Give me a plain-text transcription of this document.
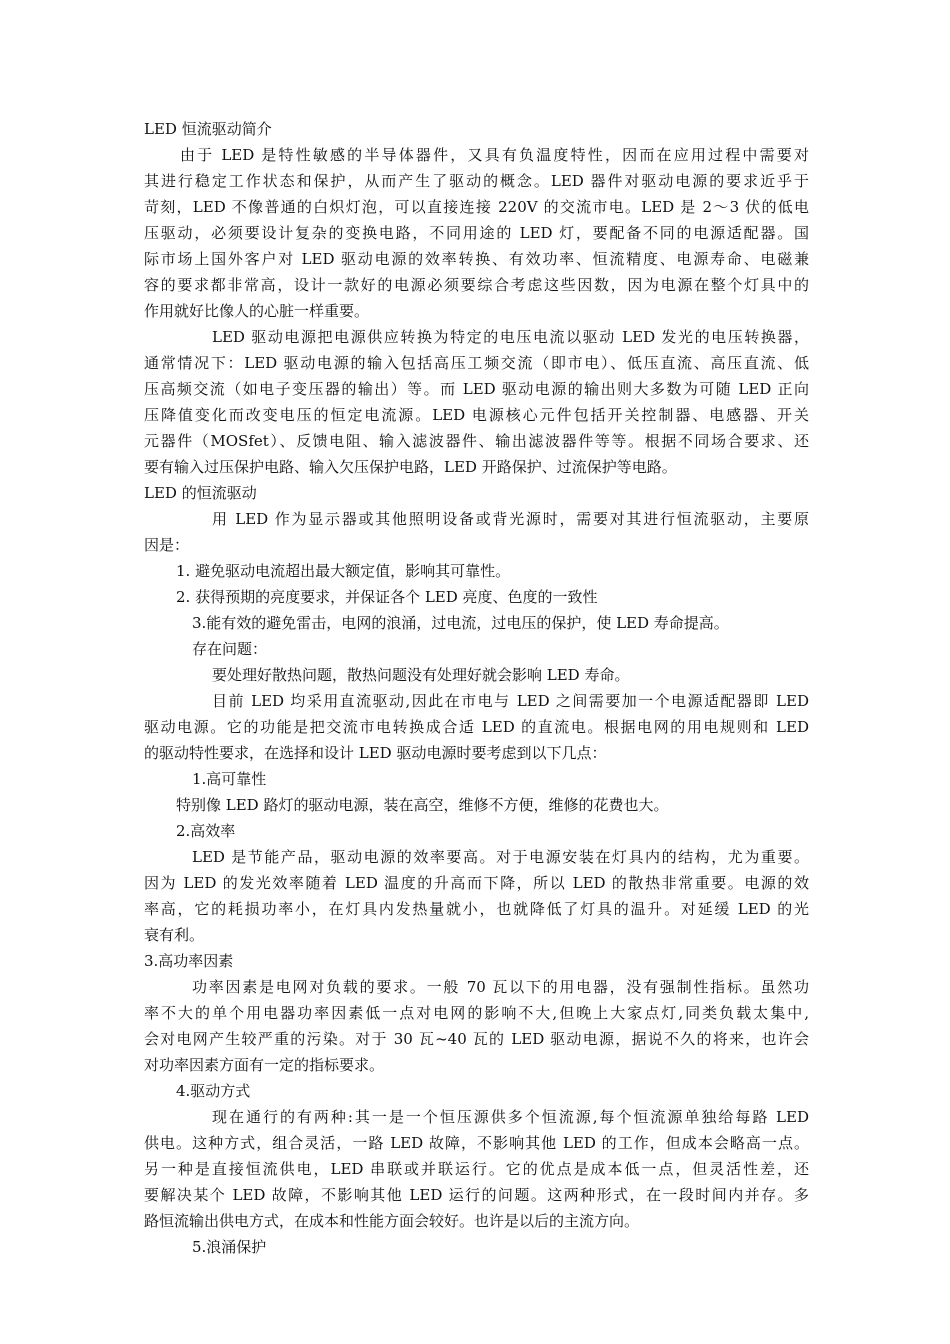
LED 恒流驱动简介
由于 LED 是特性敏感的半导体器件，又具有负温度特性，因而在应用过程中需要对
其进行稳定工作状态和保护，从而产生了驱动的概念。LED 器件对驱动电源的要求近乎于
苛刻，LED 不像普通的白炽灯泡，可以直接连接 220V 的交流市电。LED 是 2～3 伏的低电
压驱动，必须要设计复杂的变换电路，不同用途的 LED 灯，要配备不同的电源适配器。国
际市场上国外客户对 LED 驱动电源的效率转换、有效功率、恒流精度、电源寿命、电磁兼
容的要求都非常高，设计一款好的电源必须要综合考虑这些因数，因为电源在整个灯具中的
作用就好比像人的心脏一样重要。
LED 驱动电源把电源供应转换为特定的电压电流以驱动 LED 发光的电压转换器，
通常情况下：LED 驱动电源的输入包括高压工频交流（即市电）、低压直流、高压直流、低
压高频交流（如电子变压器的输出）等。而 LED 驱动电源的输出则大多数为可随 LED 正向
压降值变化而改变电压的恒定电流源。LED 电源核心元件包括开关控制器、电感器、开关
元器件（MOSfet）、反馈电阻、输入滤波器件、输出滤波器件等等。根据不同场合要求、还
要有输入过压保护电路、输入欠压保护电路，LED 开路保护、过流保护等电路。
LED 的恒流驱动
用 LED 作为显示器或其他照明设备或背光源时，需要对其进行恒流驱动，主要原
因是：
1. 避免驱动电流超出最大额定值，影响其可靠性。
2. 获得预期的亮度要求，并保证各个 LED 亮度、色度的一致性
3.能有效的避免雷击，电网的浪涌，过电流，过电压的保护，使 LED 寿命提高。
存在问题：
要处理好散热问题，散热问题没有处理好就会影响 LED 寿命。
目前 LED 均采用直流驱动,因此在市电与 LED 之间需要加一个电源适配器即 LED
驱动电源。它的功能是把交流市电转换成合适 LED 的直流电。根据电网的用电规则和 LED
的驱动特性要求，在选择和设计 LED 驱动电源时要考虑到以下几点：
1.高可靠性
特别像 LED 路灯的驱动电源，装在高空，维修不方便，维修的花费也大。
2.高效率
LED 是节能产品，驱动电源的效率要高。对于电源安装在灯具内的结构，尤为重要。
因为 LED 的发光效率随着 LED 温度的升高而下降，所以 LED 的散热非常重要。电源的效
率高，它的耗损功率小，在灯具内发热量就小，也就降低了灯具的温升。对延缓 LED 的光
衰有利。
3.高功率因素
功率因素是电网对负载的要求。一般 70 瓦以下的用电器，没有强制性指标。虽然功
率不大的单个用电器功率因素低一点对电网的影响不大,但晚上大家点灯,同类负载太集中,
会对电网产生较严重的污染。对于 30 瓦~40 瓦的 LED 驱动电源，据说不久的将来，也许会
对功率因素方面有一定的指标要求。
4.驱动方式
现在通行的有两种:其一是一个恒压源供多个恒流源,每个恒流源单独给每路 LED
供电。这种方式，组合灵活，一路 LED 故障，不影响其他 LED 的工作，但成本会略高一点。
另一种是直接恒流供电，LED 串联或并联运行。它的优点是成本低一点，但灵活性差，还
要解决某个 LED 故障，不影响其他 LED 运行的问题。这两种形式，在一段时间内并存。多
路恒流输出供电方式，在成本和性能方面会较好。也许是以后的主流方向。
5.浪涌保护
